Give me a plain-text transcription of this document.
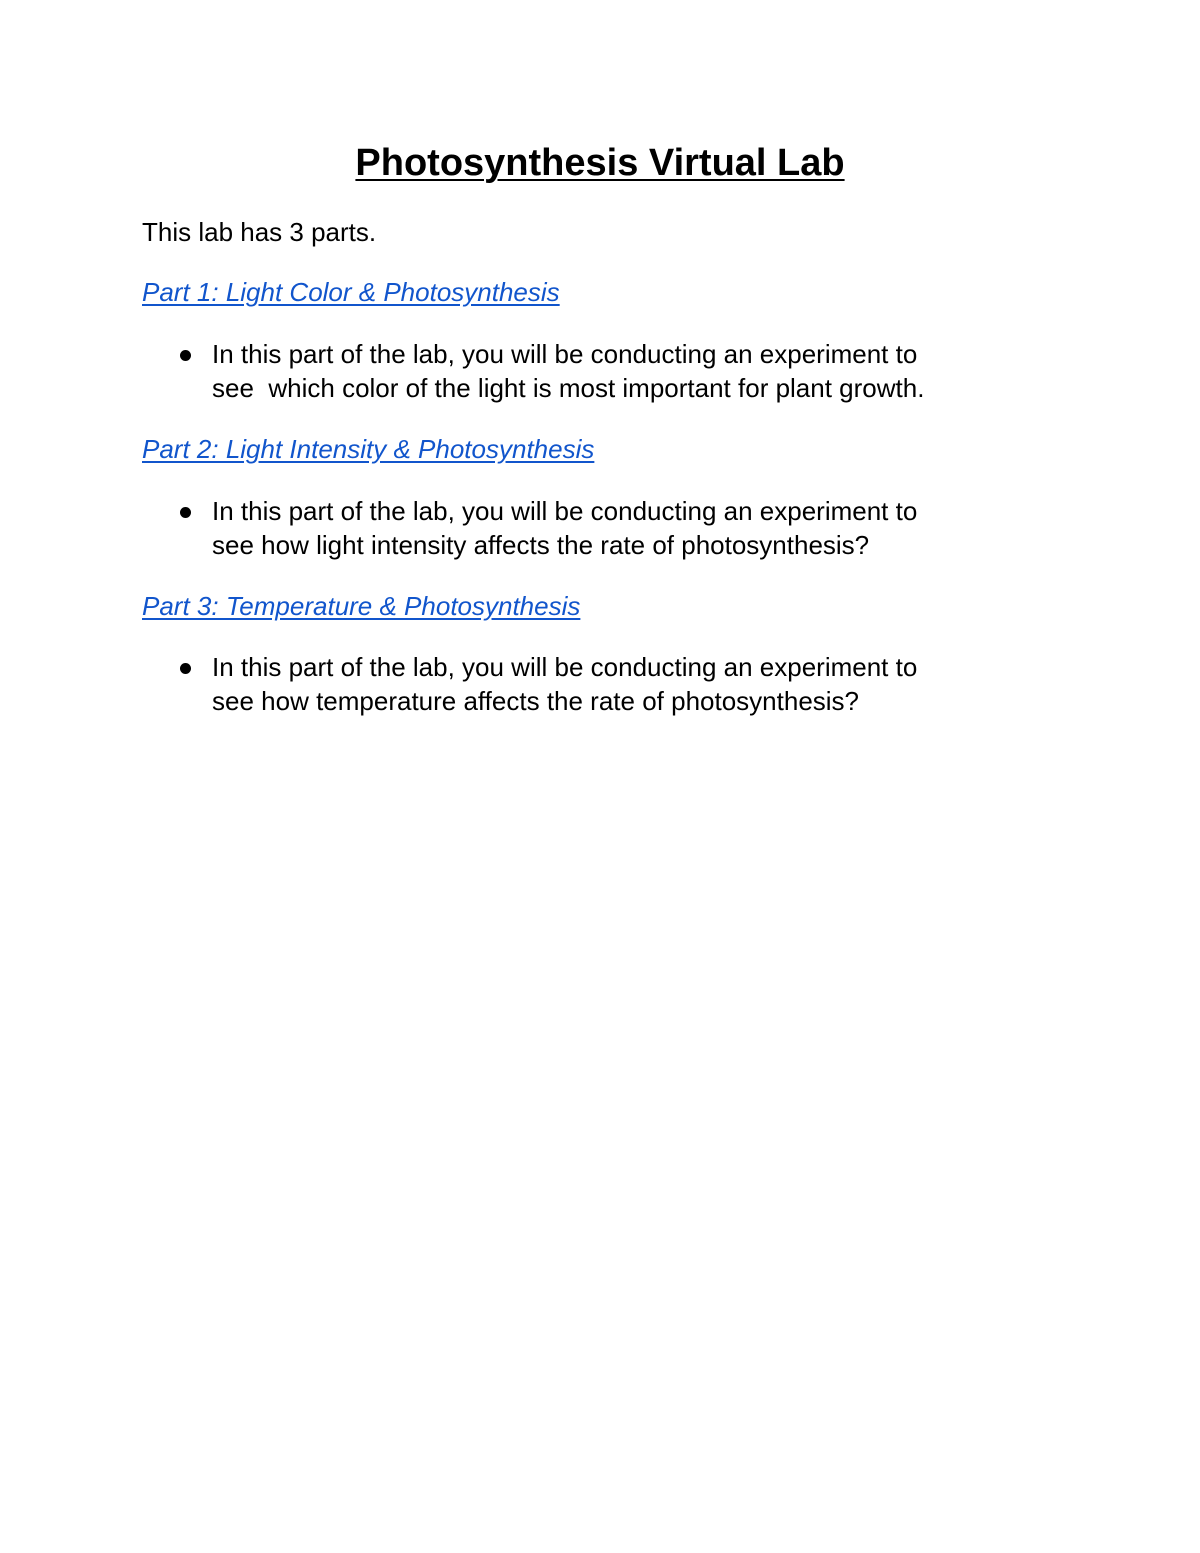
Photosynthesis Virtual Lab
This lab has 3 parts.
Part 1: Light Color & Photosynthesis
In this part of the lab, you will be conducting an experiment to
see  which color of the light is most important for plant growth.
Part 2: Light Intensity & Photosynthesis
In this part of the lab, you will be conducting an experiment to
see how light intensity affects the rate of photosynthesis?
Part 3: Temperature & Photosynthesis
In this part of the lab, you will be conducting an experiment to
see how temperature affects the rate of photosynthesis?
